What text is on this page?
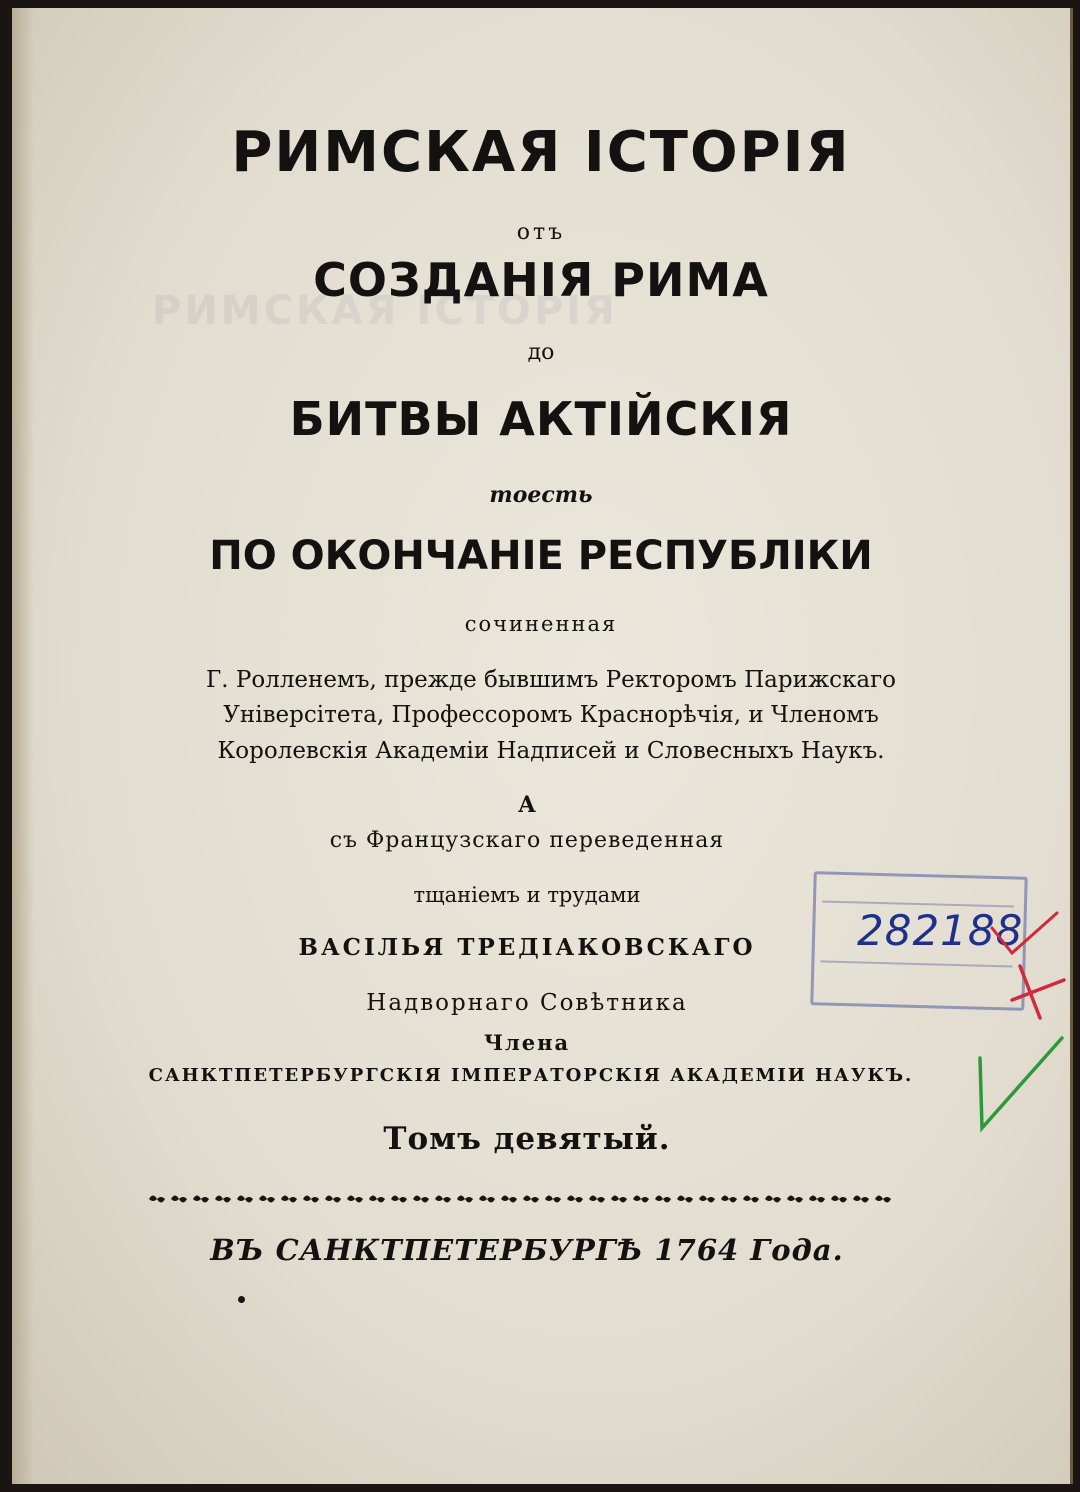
РИМСКАЯ ІСТОРІЯ

РИМСКАЯ ІСТОРІЯ

отъ

СОЗДАНІЯ РИМА

до

БИТВЫ АКТІЙСКІЯ

тоесть

ПО ОКОНЧАНІЕ РЕСПУБЛІКИ

сочиненная

Г. Ролленемъ, прежде бывшимъ Ректоромъ Парижскаго

Універсітета, Профессоромъ Краснорѣчія, и Членомъ

Королевскія Академіи Надписей и Словесныхъ Наукъ.

А

съ Французскаго переведенная

тщаніемъ и трудами

ВАСІЛЬЯ ТРЕДІАКОВСКАГО

Надворнаго Совѣтника

Члена

САНКТПЕТЕРБУРГСКІЯ ІМПЕРАТОРСКІЯ АКАДЕМІИ НАУКЪ.

Томъ девятый.

ВЪ САНКТПЕТЕРБУРГѢ 1764 Года.

282188
